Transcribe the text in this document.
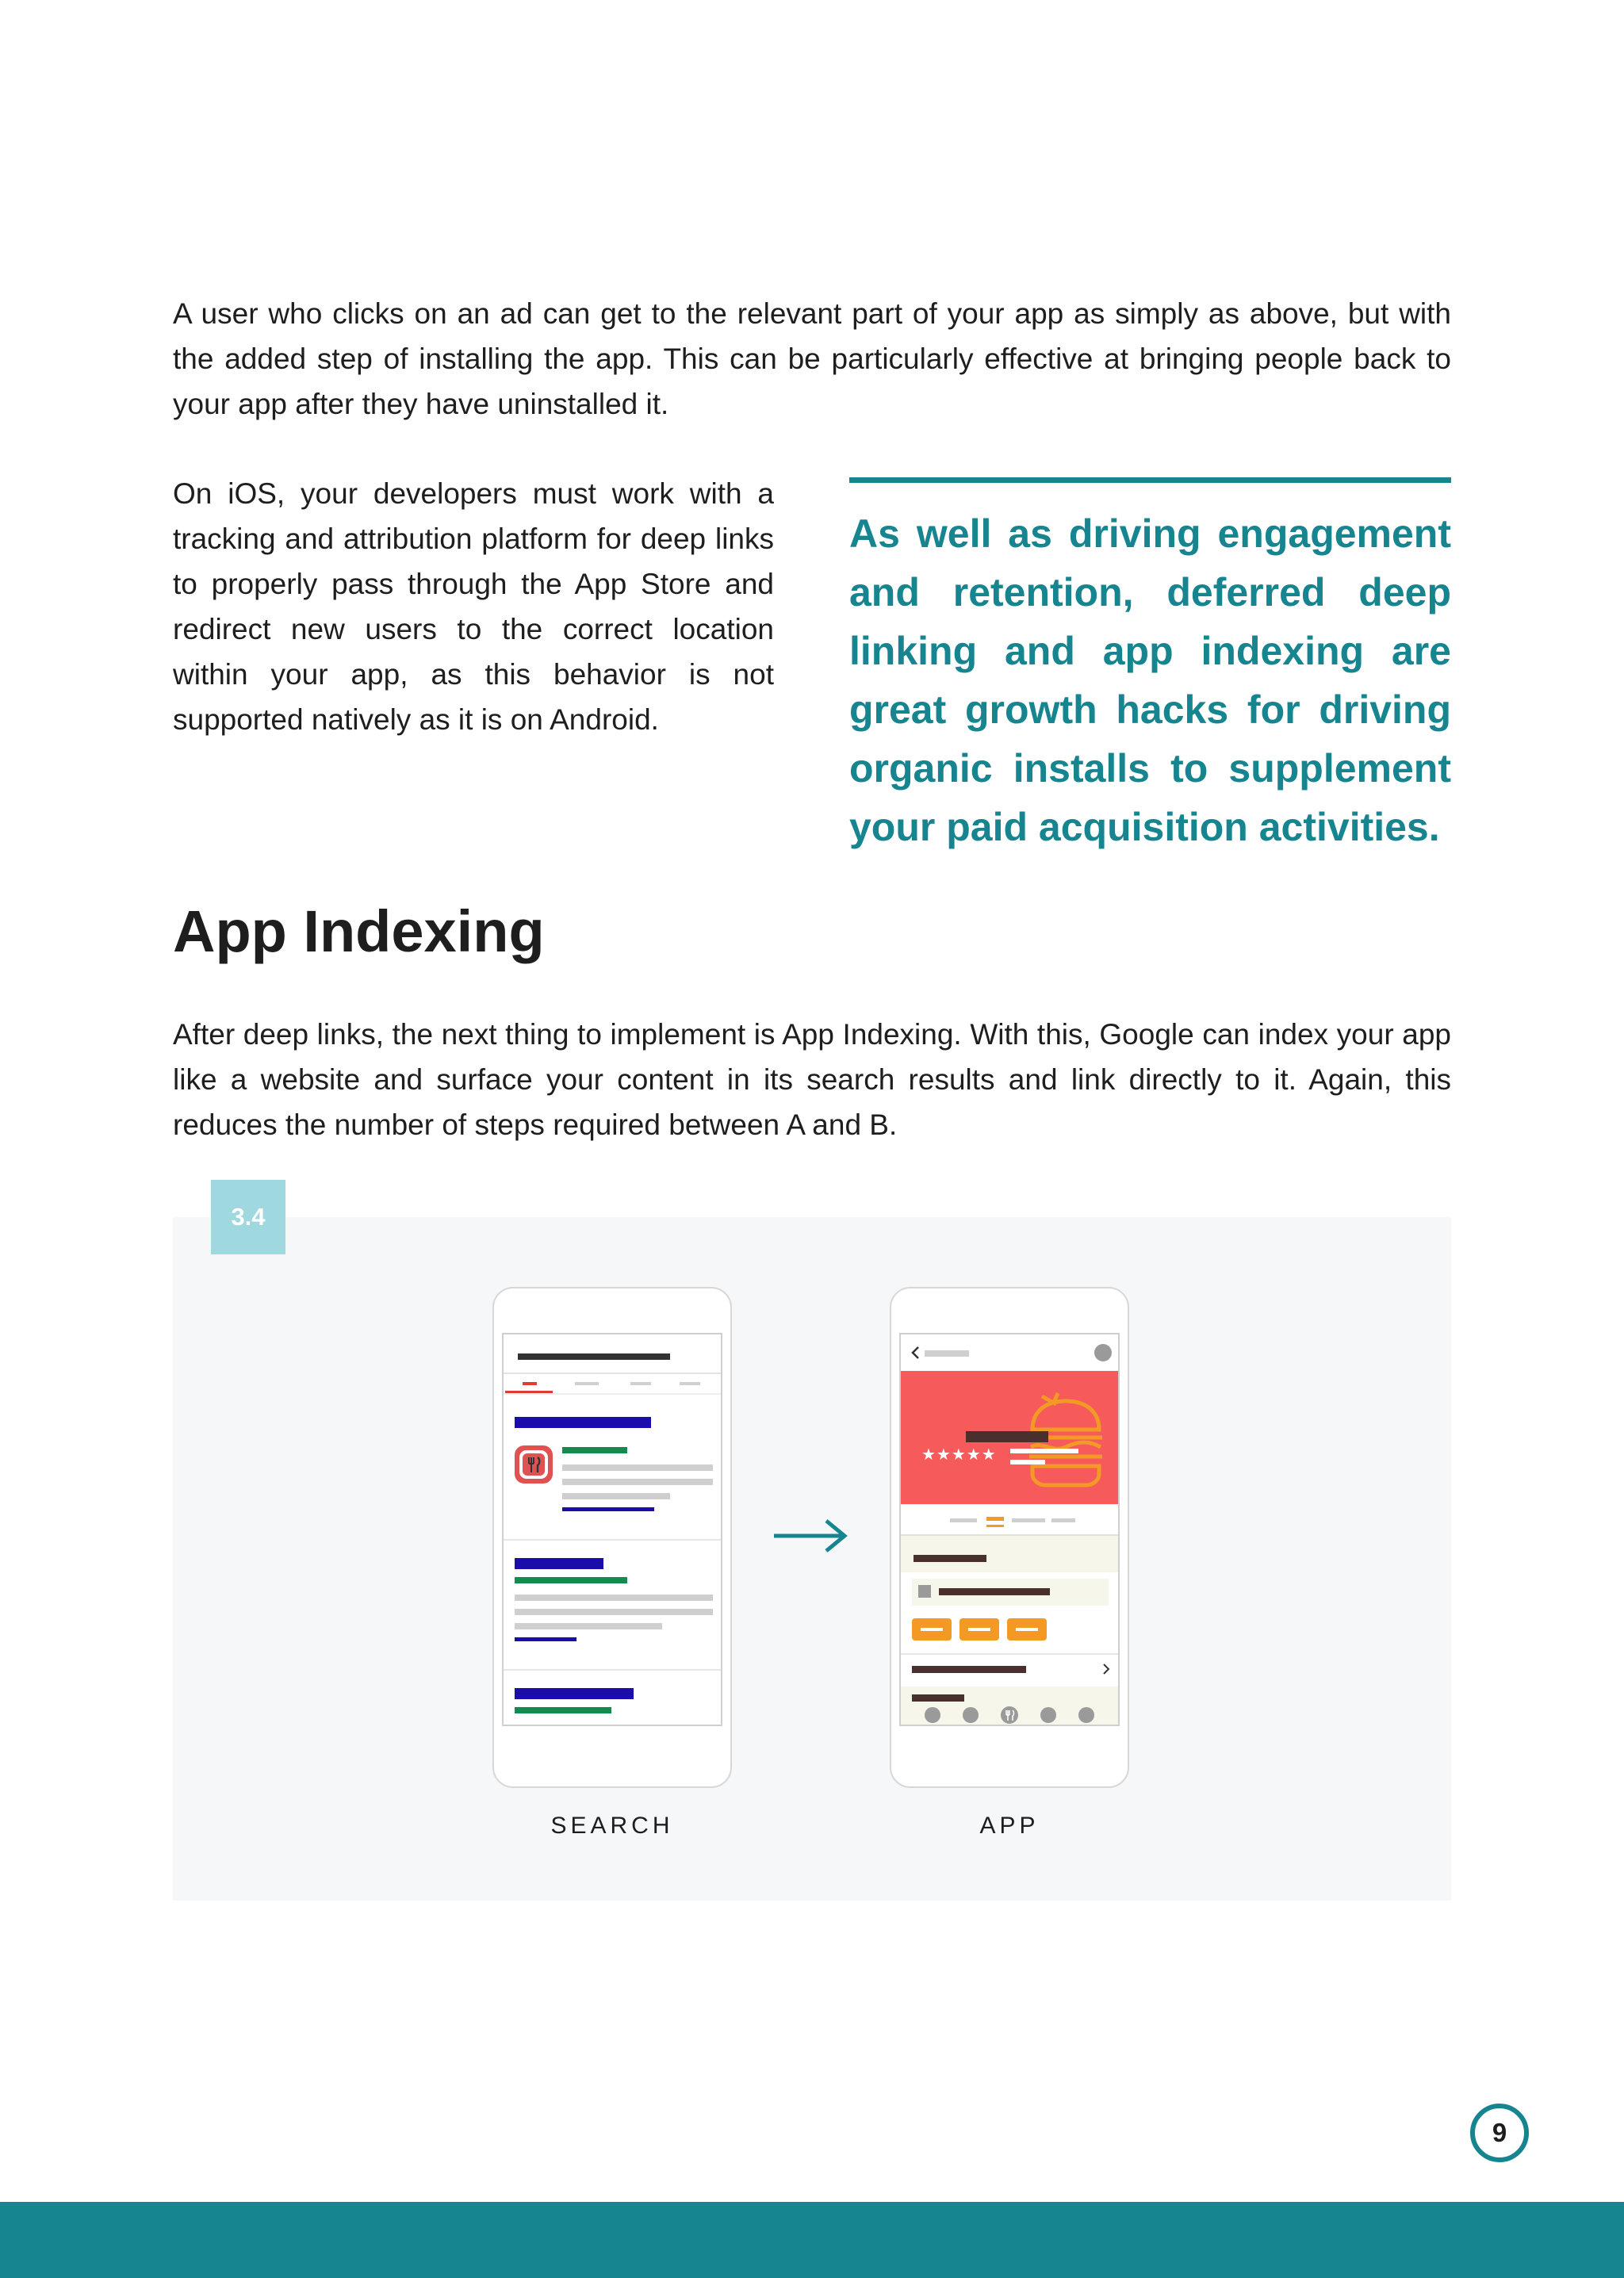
A user who clicks on an ad can get to the relevant part of your app as simply as above, but with the added step of installing the app. This can be particularly effective at bringing people back to your app after they have uninstalled it.

On iOS, your developers must work with a tracking and attribution platform for deep links to properly pass through the App Store and redirect new users to the correct location within your app, as this behavior is not supported natively as it is on Android.

As well as driving engagement and retention, deferred deep linking and app indexing are great growth hacks for driving organic installs to supplement your paid acquisition activities.

App Indexing

After deep links, the next thing to implement is App Indexing. With this, Google can index your app like a website and surface your content in its search results and link directly to it. Again, this reduces the number of steps required between A and B.

3.4
★★★★★
SEARCH	APP
9
